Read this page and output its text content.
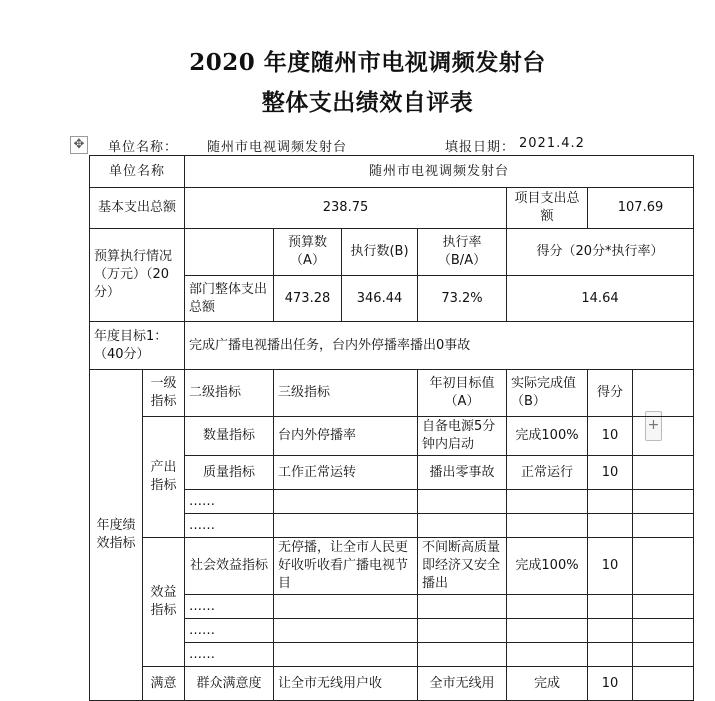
2020 年度随州市电视调频发射台
整体支出绩效自评表
✥ 单位名称： 随州市电视调频发射台	填报日期： 2021.4.2
+
单位名称		随州市电视调频发射台						
基本支出总额		238.75				项目支出总额	107.69	
预算执行情况（万元）（20分）			预算数（A）	执行数(B)	执行率（B/A）	得分（20分*执行率）		
		部门整体支出总额	473.28	346.44	73.2%	14.64		
年度目标1：（40分）		完成广播电视播出任务，台内外停播率播出0事故						
年度绩效指标	一级指标	二级指标	三级指标		年初目标值（A）	实际完成值（B）	得分	
	产出指标	数量指标	台内外停播率		自备电源5分钟内启动	完成100%	10	
		质量指标	工作正常运转		播出零事故	正常运行	10	
		……						
		……						
	效益指标	社会效益指标	无停播，让全市人民更好收听收看广播电视节目		不间断高质量即经济又安全播出	完成100%	10	
		……						
		……						
		……						
	满意	群众满意度	让全市无线用户收		全市无线用	完成	10	
